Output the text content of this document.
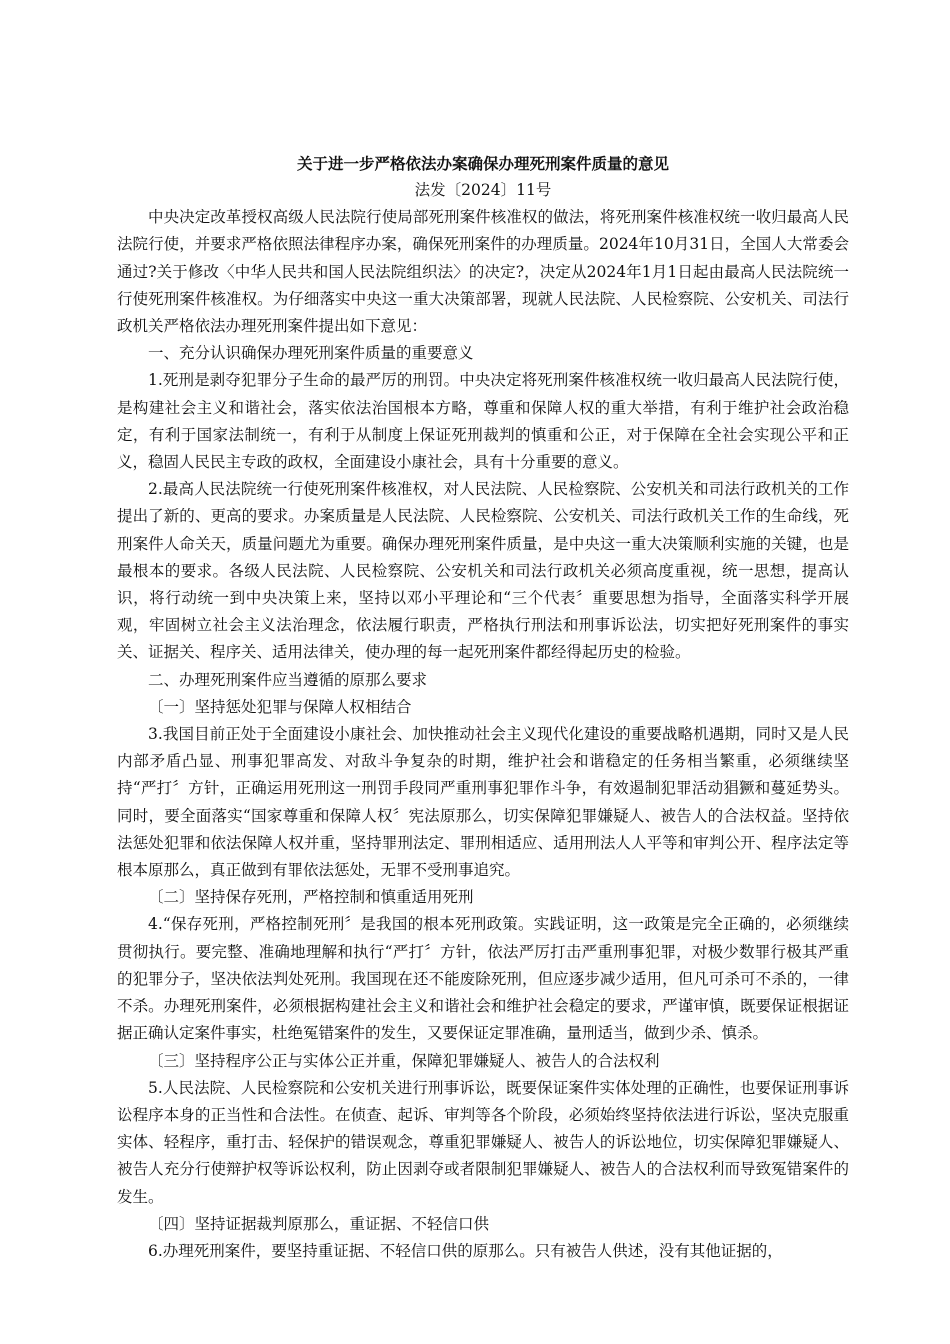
关于进一步严格依法办案确保办理死刑案件质量的意见

法发〔2024〕11号

中央决定改革授权高级人民法院行使局部死刑案件核准权的做法，将死刑案件核准权统一收归最高人民法院行使，并要求严格依照法律程序办案，确保死刑案件的办理质量。2024年10月31日，全国人大常委会通过?关于修改〈中华人民共和国人民法院组织法〉的决定?，决定从2024年1月1日起由最高人民法院统一行使死刑案件核准权。为仔细落实中央这一重大决策部署，现就人民法院、人民检察院、公安机关、司法行政机关严格依法办理死刑案件提出如下意见：

一、充分认识确保办理死刑案件质量的重要意义

1.死刑是剥夺犯罪分子生命的最严厉的刑罚。中央决定将死刑案件核准权统一收归最高人民法院行使，是构建社会主义和谐社会，落实依法治国根本方略，尊重和保障人权的重大举措，有利于维护社会政治稳定，有利于国家法制统一，有利于从制度上保证死刑裁判的慎重和公正，对于保障在全社会实现公平和正义，稳固人民民主专政的政权，全面建设小康社会，具有十分重要的意义。

2.最高人民法院统一行使死刑案件核准权，对人民法院、人民检察院、公安机关和司法行政机关的工作提出了新的、更高的要求。办案质量是人民法院、人民检察院、公安机关、司法行政机关工作的生命线，死刑案件人命关天，质量问题尤为重要。确保办理死刑案件质量，是中央这一重大决策顺利实施的关键，也是最根本的要求。各级人民法院、人民检察院、公安机关和司法行政机关必须高度重视，统一思想，提高认识，将行动统一到中央决策上来，坚持以邓小平理论和“三个代表〞重要思想为指导，全面落实科学开展观，牢固树立社会主义法治理念，依法履行职责，严格执行刑法和刑事诉讼法，切实把好死刑案件的事实关、证据关、程序关、适用法律关，使办理的每一起死刑案件都经得起历史的检验。

二、办理死刑案件应当遵循的原那么要求

〔一〕坚持惩处犯罪与保障人权相结合

3.我国目前正处于全面建设小康社会、加快推动社会主义现代化建设的重要战略机遇期，同时又是人民内部矛盾凸显、刑事犯罪高发、对敌斗争复杂的时期，维护社会和谐稳定的任务相当繁重，必须继续坚持“严打〞方针，正确运用死刑这一刑罚手段同严重刑事犯罪作斗争，有效遏制犯罪活动猖獗和蔓延势头。同时，要全面落实“国家尊重和保障人权〞宪法原那么，切实保障犯罪嫌疑人、被告人的合法权益。坚持依法惩处犯罪和依法保障人权并重，坚持罪刑法定、罪刑相适应、适用刑法人人平等和审判公开、程序法定等根本原那么，真正做到有罪依法惩处，无罪不受刑事追究。

〔二〕坚持保存死刑，严格控制和慎重适用死刑

4.“保存死刑，严格控制死刑〞是我国的根本死刑政策。实践证明，这一政策是完全正确的，必须继续贯彻执行。要完整、准确地理解和执行“严打〞方针，依法严厉打击严重刑事犯罪，对极少数罪行极其严重的犯罪分子，坚决依法判处死刑。我国现在还不能废除死刑，但应逐步减少适用，但凡可杀可不杀的，一律不杀。办理死刑案件，必须根据构建社会主义和谐社会和维护社会稳定的要求，严谨审慎，既要保证根据证据正确认定案件事实，杜绝冤错案件的发生，又要保证定罪准确，量刑适当，做到少杀、慎杀。

〔三〕坚持程序公正与实体公正并重，保障犯罪嫌疑人、被告人的合法权利

5.人民法院、人民检察院和公安机关进行刑事诉讼，既要保证案件实体处理的正确性，也要保证刑事诉讼程序本身的正当性和合法性。在侦查、起诉、审判等各个阶段，必须始终坚持依法进行诉讼，坚决克服重实体、轻程序，重打击、轻保护的错误观念，尊重犯罪嫌疑人、被告人的诉讼地位，切实保障犯罪嫌疑人、被告人充分行使辩护权等诉讼权利，防止因剥夺或者限制犯罪嫌疑人、被告人的合法权利而导致冤错案件的发生。

〔四〕坚持证据裁判原那么，重证据、不轻信口供

6.办理死刑案件，要坚持重证据、不轻信口供的原那么。只有被告人供述，没有其他证据的，
